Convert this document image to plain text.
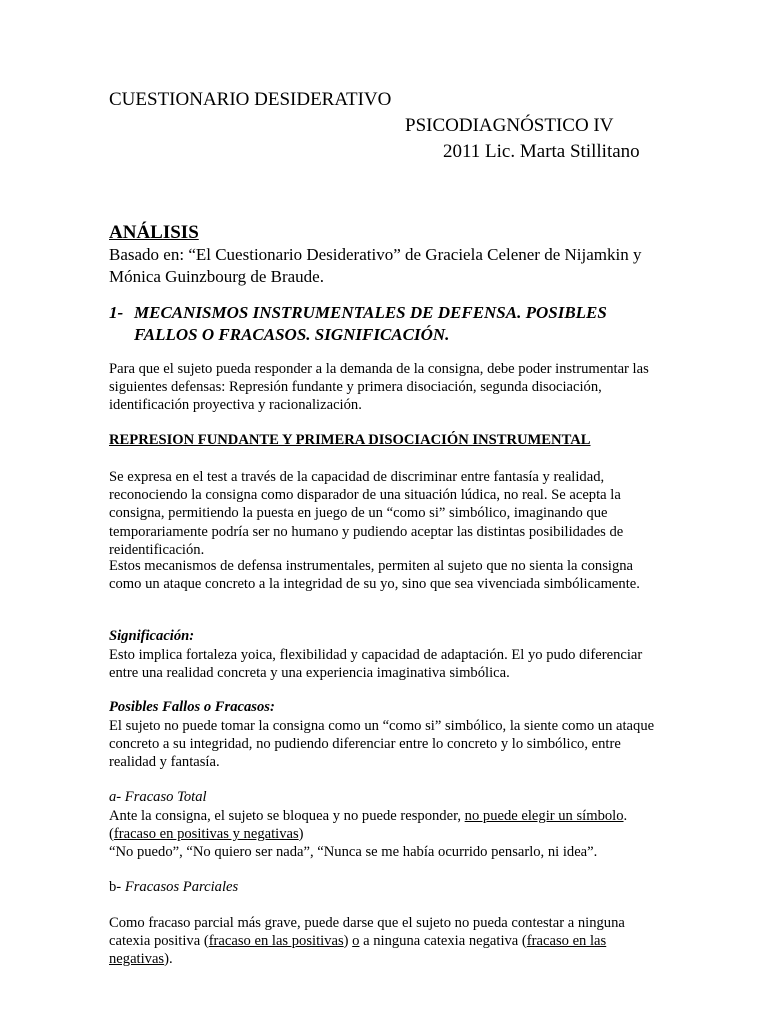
CUESTIONARIO DESIDERATIVO
PSICODIAGNÓSTICO IV
2011 Lic. Marta Stillitano
ANÁLISIS
Basado en: “El Cuestionario Desiderativo” de Graciela Celener de Nijamkin y Mónica Guinzbourg de Braude.
1- MECANISMOS INSTRUMENTALES DE DEFENSA. POSIBLES FALLOS O FRACASOS. SIGNIFICACIÓN.
Para que el sujeto pueda responder a la demanda de la consigna, debe poder instrumentar las siguientes defensas: Represión fundante y primera disociación, segunda disociación, identificación proyectiva y racionalización.
REPRESION FUNDANTE Y PRIMERA DISOCIACIÓN INSTRUMENTAL
Se expresa en el test a través de la capacidad de discriminar entre fantasía y realidad, reconociendo la consigna como disparador de una situación lúdica, no real. Se acepta la consigna, permitiendo la puesta en juego de un “como si” simbólico, imaginando que temporariamente podría ser no humano y pudiendo aceptar las distintas posibilidades de reidentificación.
Estos mecanismos de defensa instrumentales, permiten al sujeto que no sienta la consigna como un ataque concreto a la integridad de su yo, sino que sea vivenciada simbólicamente.
Significación:
Esto implica fortaleza yoica, flexibilidad y capacidad de adaptación. El yo pudo diferenciar entre una realidad concreta y una experiencia imaginativa simbólica.
Posibles Fallos o Fracasos:
El sujeto no puede tomar la consigna como un “como si” simbólico, la siente como un ataque concreto a su integridad, no pudiendo diferenciar entre lo concreto y lo simbólico, entre realidad y fantasía.
a- Fracaso Total
Ante la consigna, el sujeto se bloquea y no puede responder, no puede elegir un símbolo. (fracaso en positivas y negativas)
“No puedo”, “No quiero ser nada”, “Nunca se me había ocurrido pensarlo, ni idea”.
b- Fracasos Parciales
Como fracaso parcial más grave, puede darse que el sujeto no pueda contestar a ninguna catexia positiva (fracaso en las positivas) o a ninguna catexia negativa (fracaso en las negativas).
